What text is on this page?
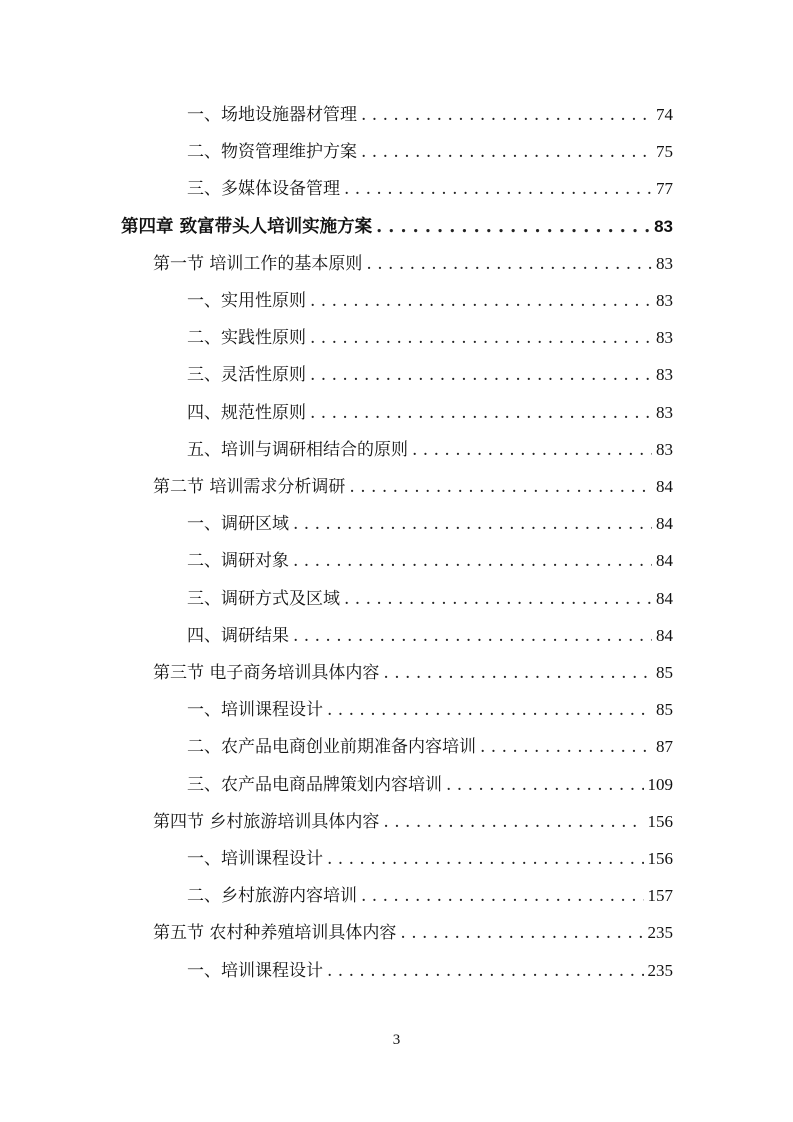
一、场地设施器材管理 . . .	74
二、物资管理维护方案 . . .	75
三、多媒体设备管理 . . .	77
第四章 致富带头人培训实施方案 . . .	83
第一节 培训工作的基本原则 . . .	83
一、实用性原则 . . .	83
二、实践性原则 . . .	83
三、灵活性原则 . . .	83
四、规范性原则 . . .	83
五、培训与调研相结合的原则 . . .	83
第二节 培训需求分析调研 . . .	84
一、调研区域 . . .	84
二、调研对象 . . .	84
三、调研方式及区域 . . .	84
四、调研结果 . . .	84
第三节 电子商务培训具体内容 . . .	85
一、培训课程设计 . . .	85
二、农产品电商创业前期准备内容培训 . . .	87
三、农产品电商品牌策划内容培训 . . .	109
第四节 乡村旅游培训具体内容 . . .	156
一、培训课程设计 . . .	156
二、乡村旅游内容培训 . . .	157
第五节 农村种养殖培训具体内容 . . .	235
一、培训课程设计 . . .	235
3
